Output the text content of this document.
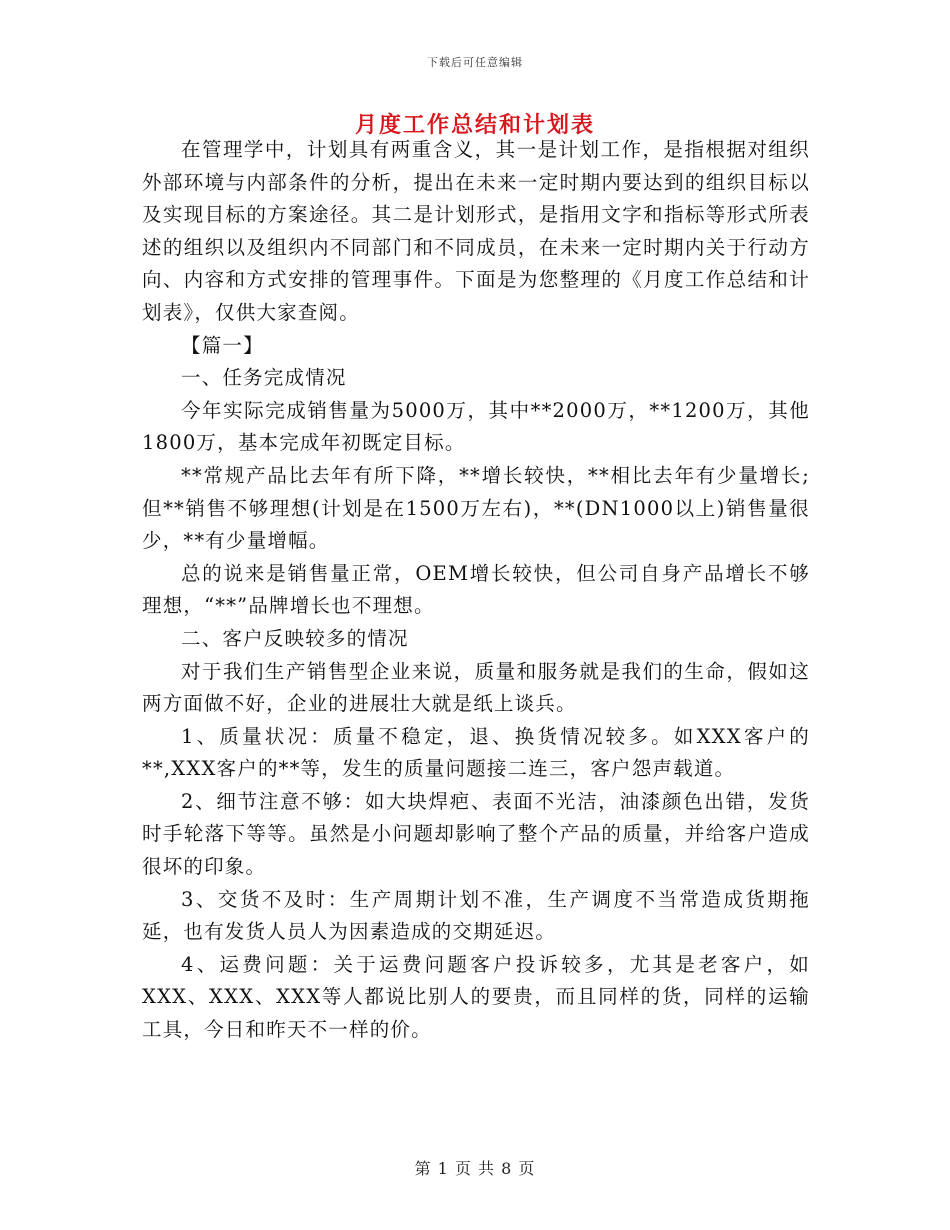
下载后可任意编辑
月度工作总结和计划表

在管理学中，计划具有两重含义，其一是计划工作，是指根据对组织外部环境与内部条件的分析，提出在未来一定时期内要达到的组织目标以及实现目标的方案途径。其二是计划形式，是指用文字和指标等形式所表述的组织以及组织内不同部门和不同成员，在未来一定时期内关于行动方向、内容和方式安排的管理事件。下面是为您整理的《月度工作总结和计划表》，仅供大家查阅。

【篇一】

一、任务完成情况

今年实际完成销售量为5000万，其中**2000万，**1200万，其他1800万，基本完成年初既定目标。

**常规产品比去年有所下降，**增长较快，**相比去年有少量增长;但**销售不够理想(计划是在1500万左右)，**(DN1000以上)销售量很少，**有少量增幅。

总的说来是销售量正常，OEM增长较快，但公司自身产品增长不够理想，“**”品牌增长也不理想。

二、客户反映较多的情况

对于我们生产销售型企业来说，质量和服务就是我们的生命，假如这两方面做不好，企业的进展壮大就是纸上谈兵。

1、质量状况：质量不稳定，退、换货情况较多。如XXX客户的**,XXX客户的**等，发生的质量问题接二连三，客户怨声载道。

2、细节注意不够：如大块焊疤、表面不光洁，油漆颜色出错，发货时手轮落下等等。虽然是小问题却影响了整个产品的质量，并给客户造成很坏的印象。

3、交货不及时：生产周期计划不准，生产调度不当常造成货期拖延，也有发货人员人为因素造成的交期延迟。

4、运费问题：关于运费问题客户投诉较多，尤其是老客户，如XXX、XXX、XXX等人都说比别人的要贵，而且同样的货，同样的运输工具，今日和昨天不一样的价。

第 1 页 共 8 页
